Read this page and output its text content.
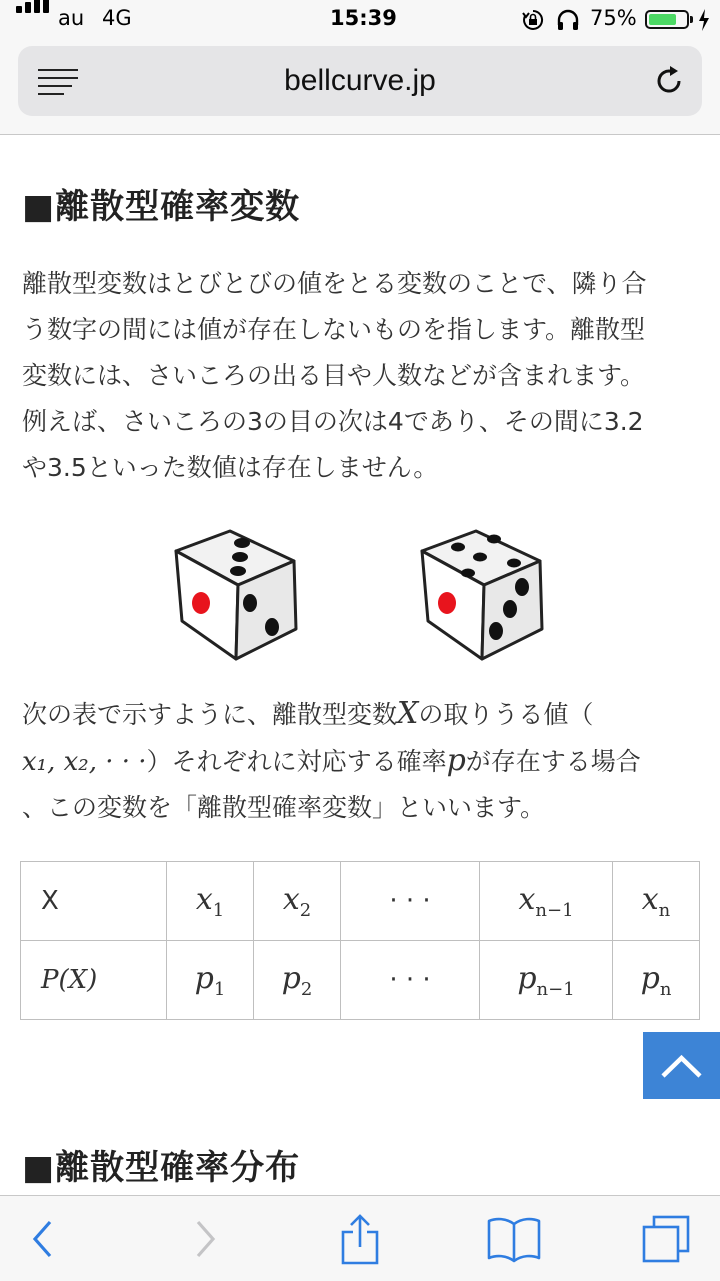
au 4G	15:39	75%
bellcurve.jp
■離散型確率変数

離散型変数はとびとびの値をとる変数のことで、隣り合

う数字の間には値が存在しないものを指します。離散型

変数には、さいころの出る目や人数などが含まれます。

例えば、さいころの3の目の次は4であり、その間に3.2

や3.5といった数値は存在しません。

次の表で示すように、離散型変数Xの取りうる値（

x₁, x₂, · · ·）それぞれに対応する確率pが存在する場合

、この変数を「離散型確率変数」といいます。

X	$x_1$	$x_2$	· · ·	$x_{n-1}$	$x_n$
P(X)	$p_1$	$p_2$	· · ·	$p_{n-1}$	$p_n$
■離散型確率分布
